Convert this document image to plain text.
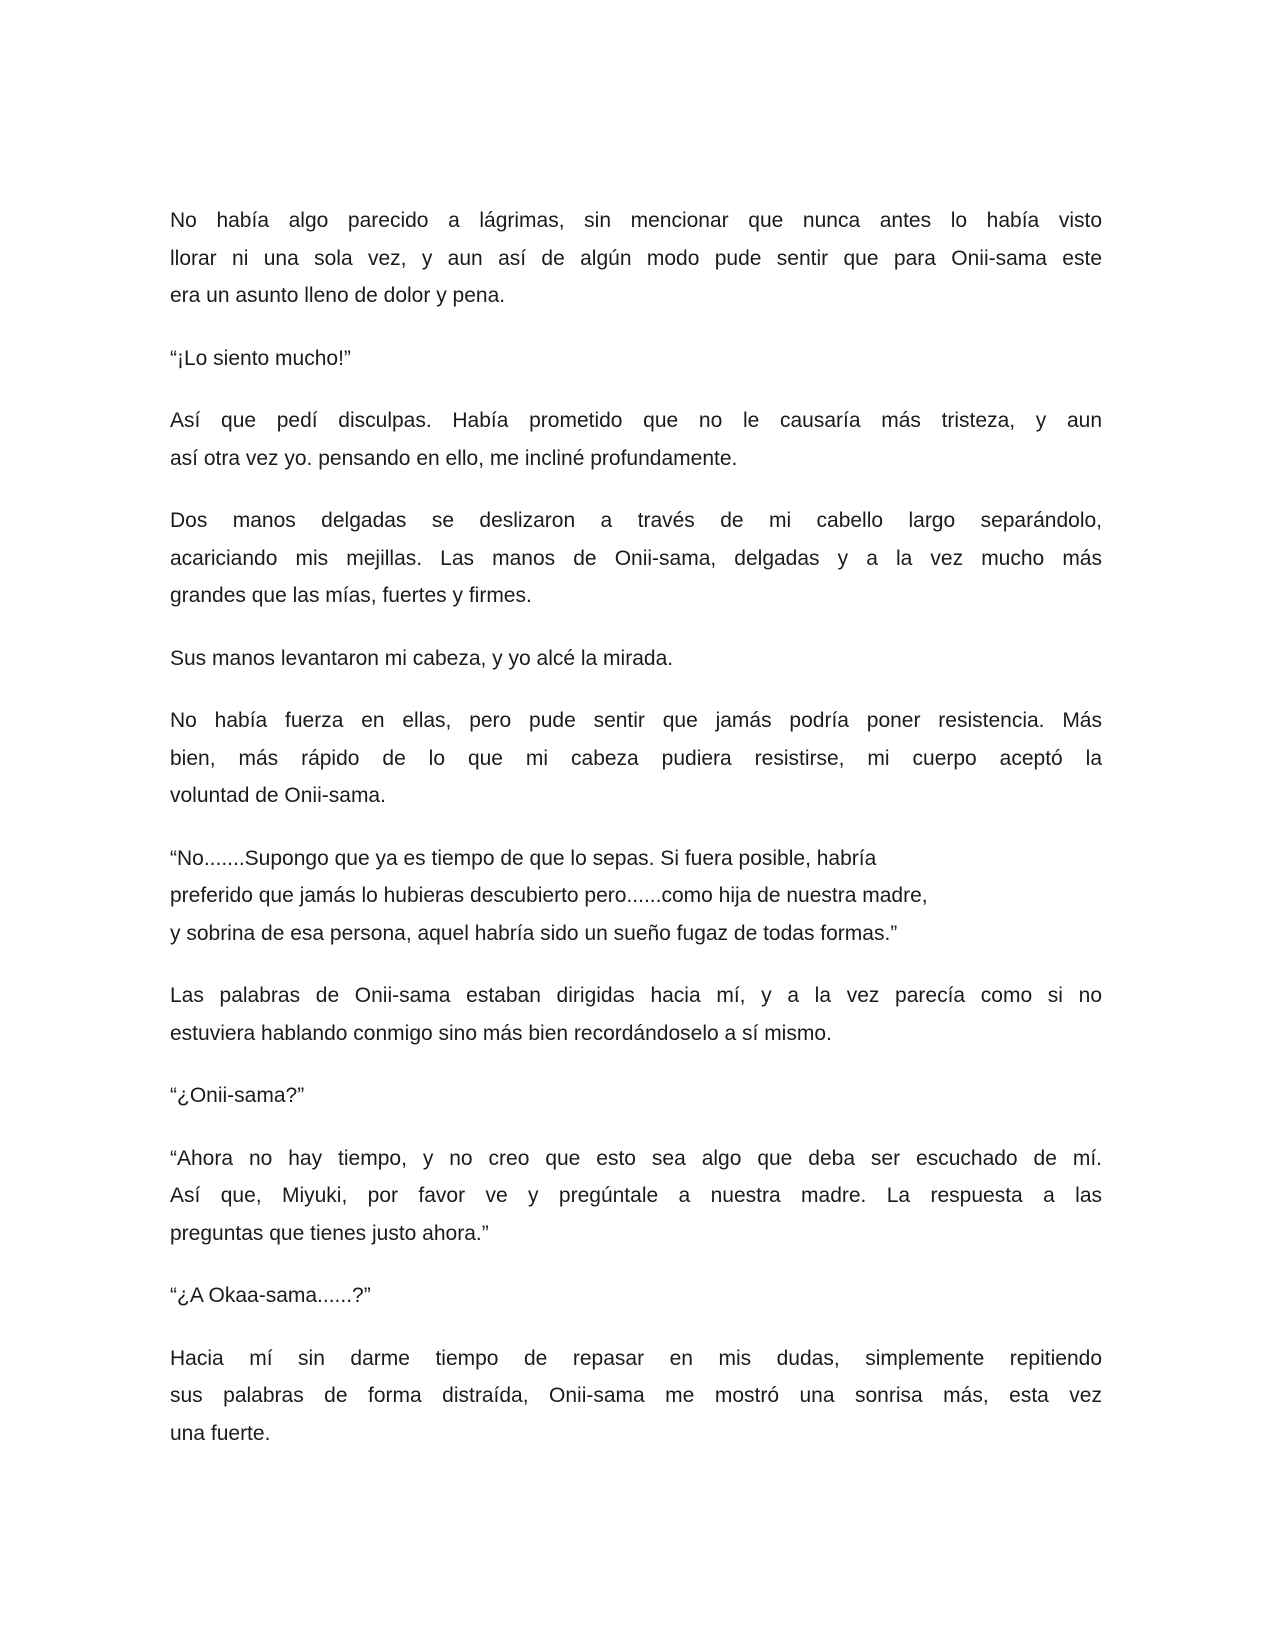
No había algo parecido a lágrimas, sin mencionar que nunca antes lo había visto
llorar ni una sola vez, y aun así de algún modo pude sentir que para Onii-sama este
era un asunto lleno de dolor y pena.

“¡Lo siento mucho!”

Así que pedí disculpas. Había prometido que no le causaría más tristeza, y aun
así otra vez yo. pensando en ello, me incliné profundamente.

Dos manos delgadas se deslizaron a través de mi cabello largo separándolo,
acariciando mis mejillas. Las manos de Onii-sama, delgadas y a la vez mucho más
grandes que las mías, fuertes y firmes.

Sus manos levantaron mi cabeza, y yo alcé la mirada.

No había fuerza en ellas, pero pude sentir que jamás podría poner resistencia. Más
bien, más rápido de lo que mi cabeza pudiera resistirse, mi cuerpo aceptó la
voluntad de Onii-sama.

“No.......Supongo que ya es tiempo de que lo sepas. Si fuera posible, habría
preferido que jamás lo hubieras descubierto pero......como hija de nuestra madre,
y sobrina de esa persona, aquel habría sido un sueño fugaz de todas formas.”

Las palabras de Onii-sama estaban dirigidas hacia mí, y a la vez parecía como si no
estuviera hablando conmigo sino más bien recordándoselo a sí mismo.

“¿Onii-sama?”

“Ahora no hay tiempo, y no creo que esto sea algo que deba ser escuchado de mí.
Así que, Miyuki, por favor ve y pregúntale a nuestra madre. La respuesta a las
preguntas que tienes justo ahora.”

“¿A Okaa-sama......?”

Hacia mí sin darme tiempo de repasar en mis dudas, simplemente repitiendo
sus palabras de forma distraída, Onii-sama me mostró una sonrisa más, esta vez
una fuerte.
